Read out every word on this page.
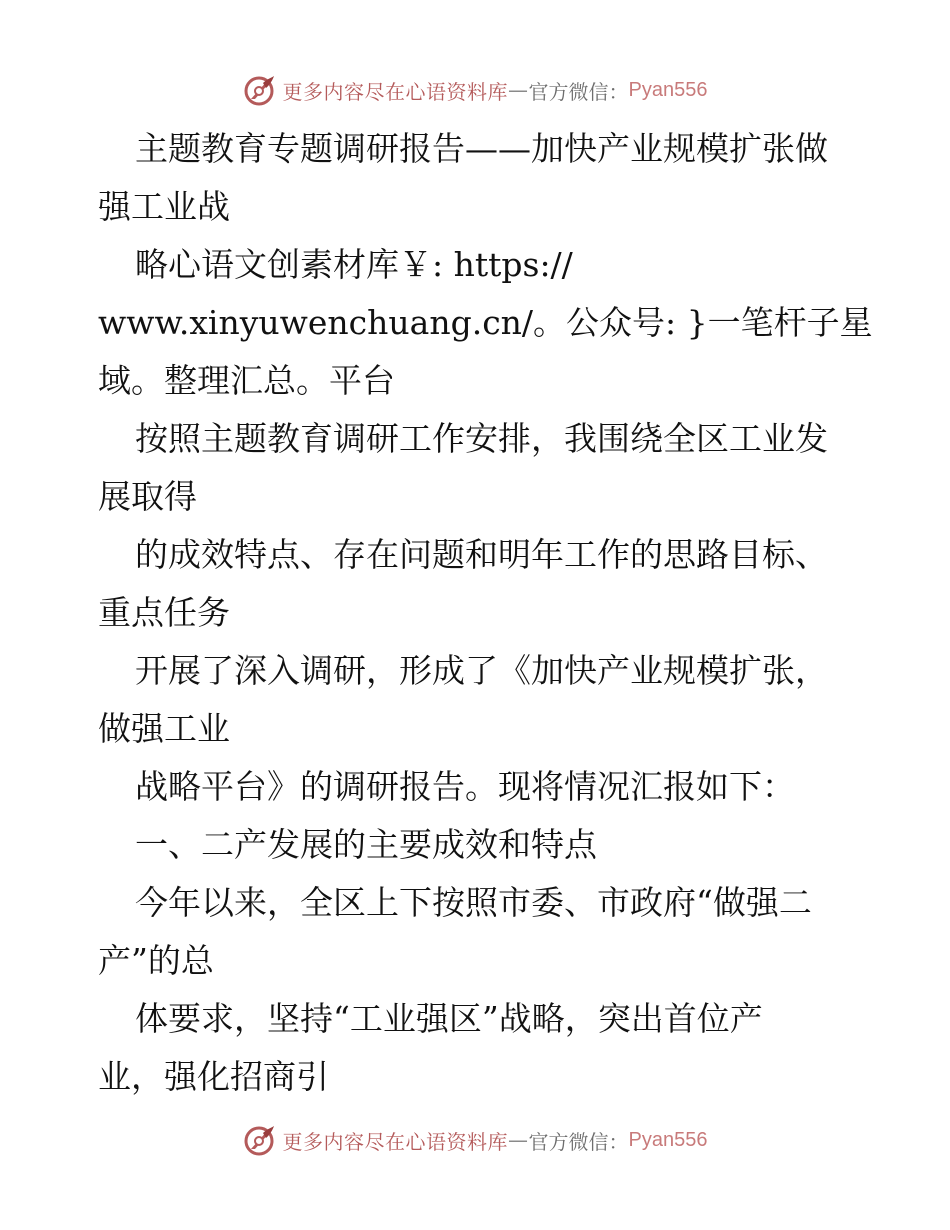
更多内容尽在心语资料库 — 官方微信： Pyan556
主题教育专题调研报告——加快产业规模扩张做
强工业战
略心语文创素材库￥: https://
www.xinyuwenchuang.cn/。公众号: }一笔杆子星
域。整理汇总。平台
按照主题教育调研工作安排，我围绕全区工业发
展取得
的成效特点、存在问题和明年工作的思路目标、
重点任务
开展了深入调研，形成了《加快产业规模扩张，
做强工业
战略平台》的调研报告。现将情况汇报如下：
一、二产发展的主要成效和特点
今年以来，全区上下按照市委、市政府“做强二
产”的总
体要求，坚持“工业强区”战略，突出首位产
业，强化招商引
更多内容尽在心语资料库 — 官方微信： Pyan556
